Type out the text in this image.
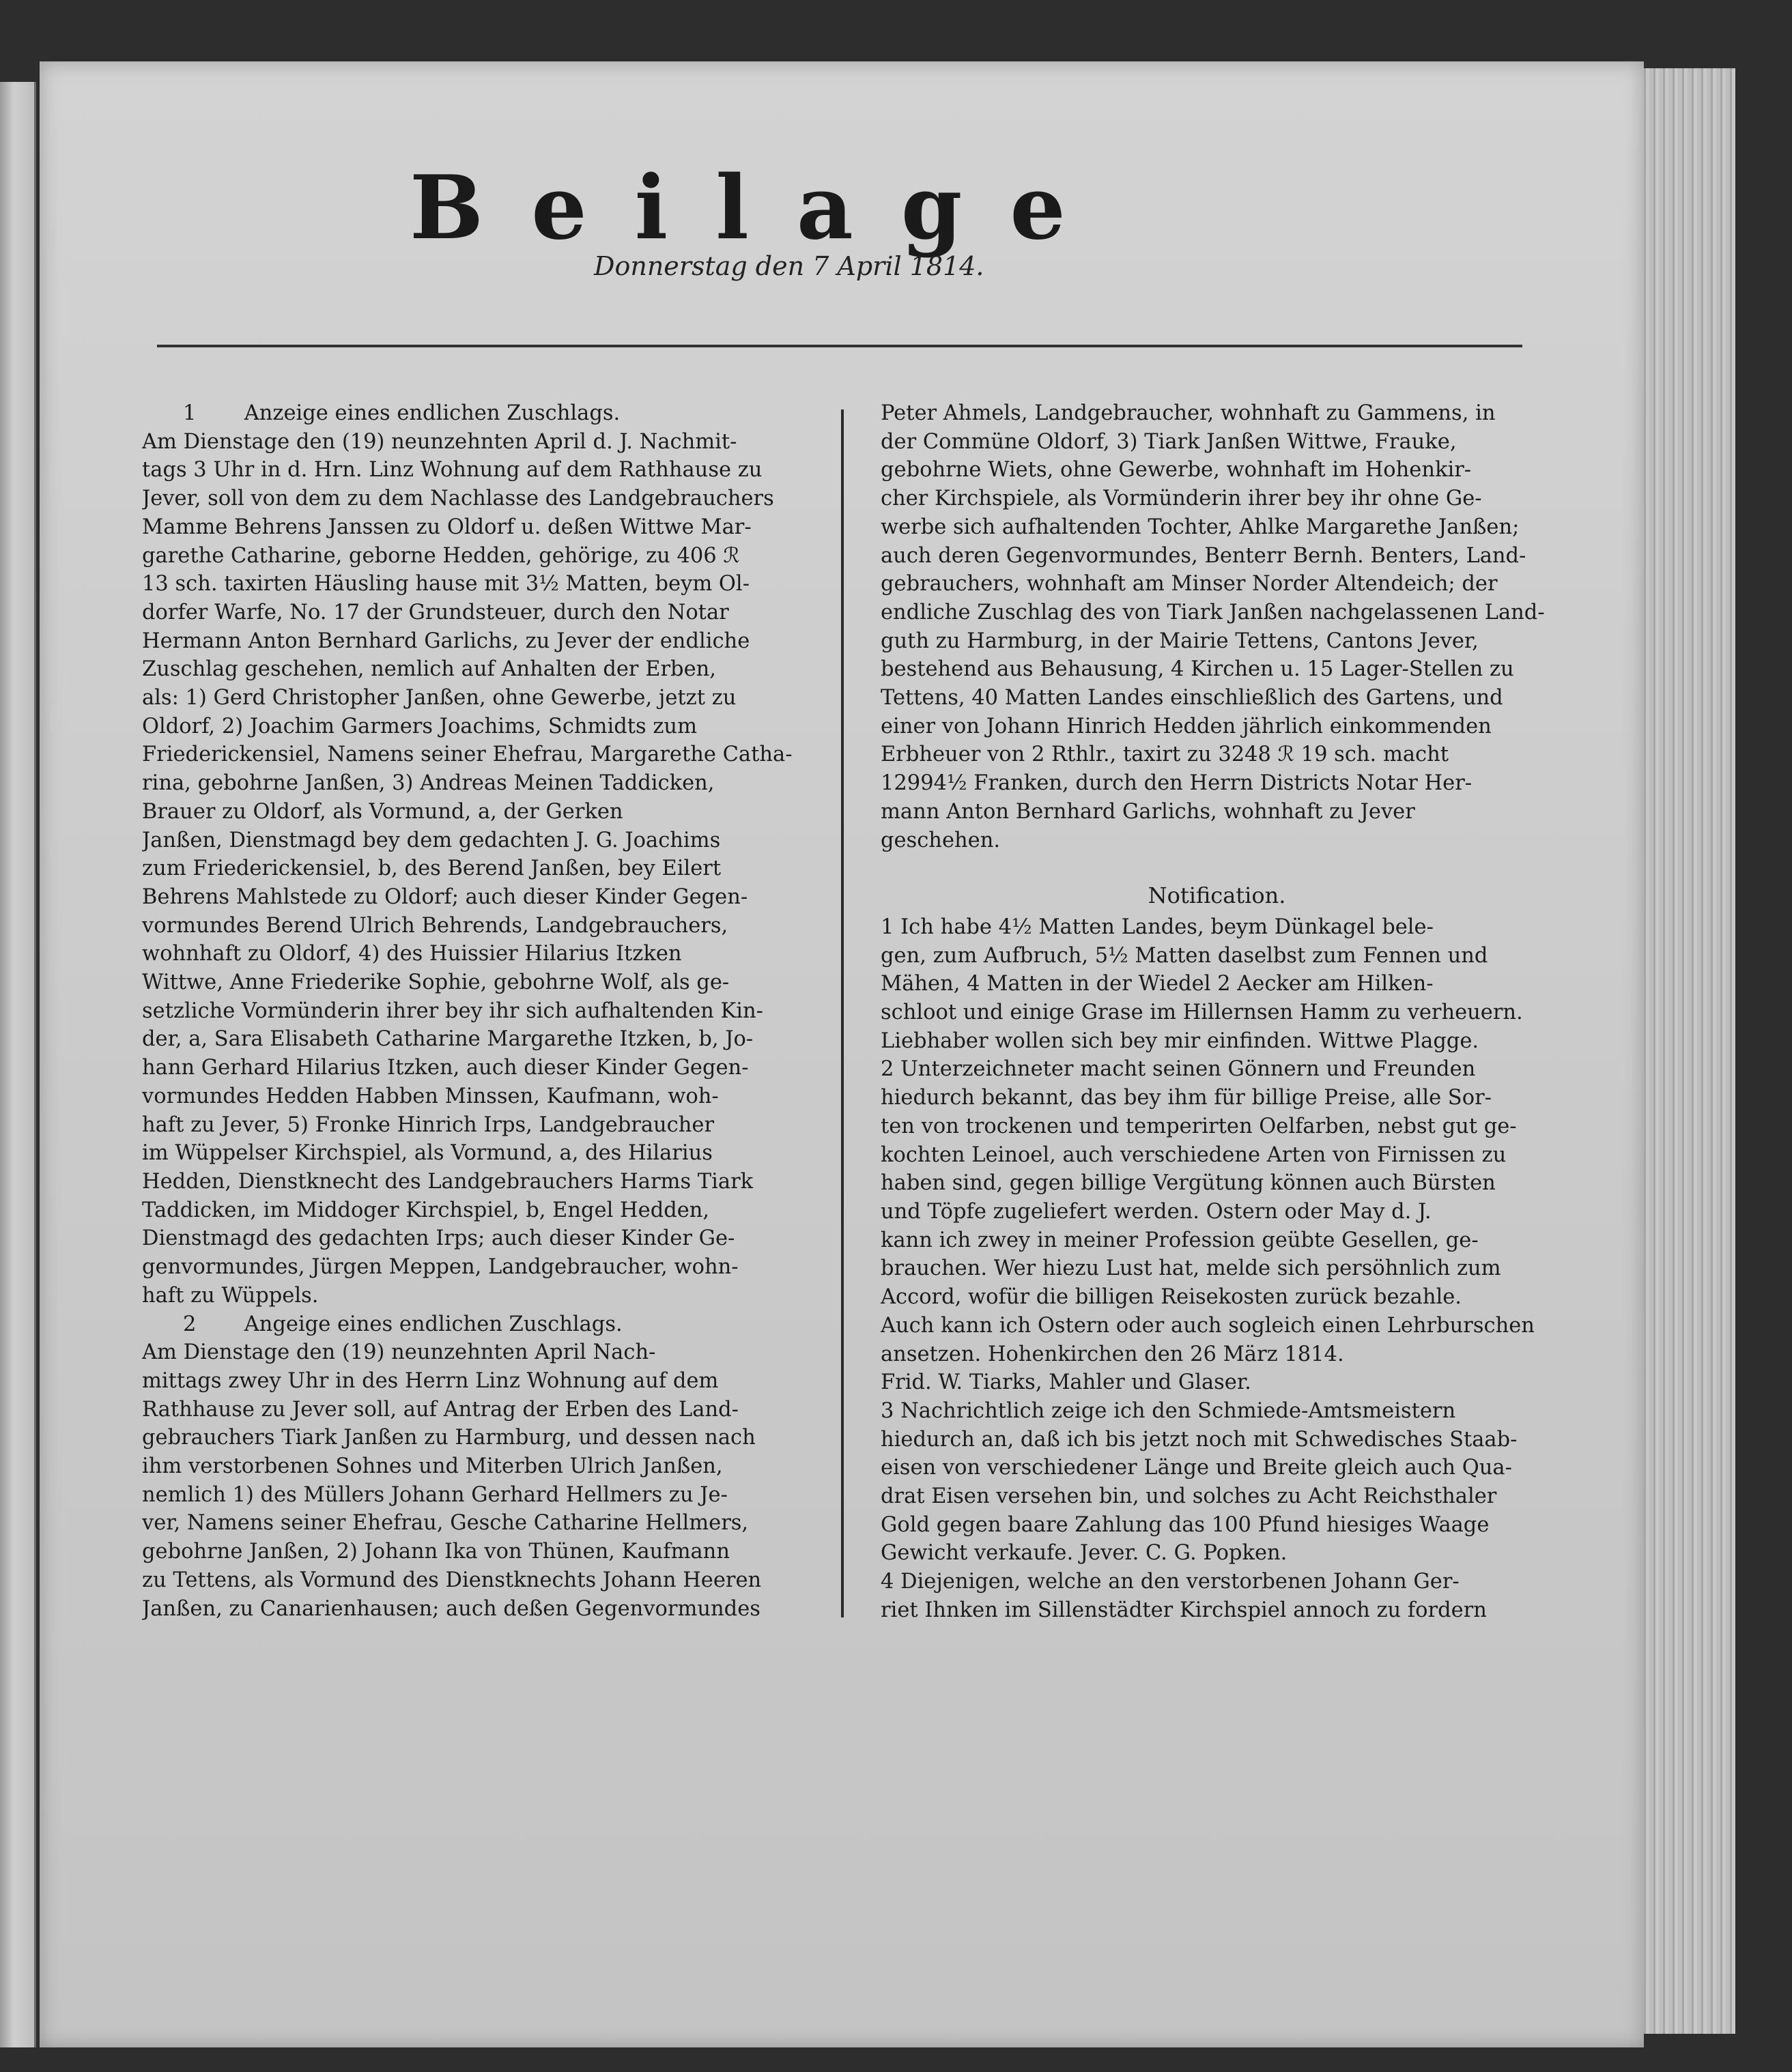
Beilage
Donnerstag den 7 April 1814.
1 Anzeige eines endlichen Zuschlags.
Am Dienstage den (19) neunzehnten April d. J. Nachmit-
tags 3 Uhr in d. Hrn. Linz Wohnung auf dem Rathhause zu
Jever, soll von dem zu dem Nachlasse des Landgebrauchers
Mamme Behrens Janssen zu Oldorf u. deßen Wittwe Mar-
garethe Catharine, geborne Hedden, gehörige, zu 406 ℛ
13 sch. taxirten Häusling hause mit 3½ Matten, beym Ol-
dorfer Warfe, No. 17 der Grundsteuer, durch den Notar
Hermann Anton Bernhard Garlichs, zu Jever der endliche
Zuschlag geschehen, nemlich auf Anhalten der Erben,
als: 1) Gerd Christopher Janßen, ohne Gewerbe, jetzt zu
Oldorf, 2) Joachim Garmers Joachims, Schmidts zum
Friederickensiel, Namens seiner Ehefrau, Margarethe Catha-
rina, gebohrne Janßen, 3) Andreas Meinen Taddicken,
Brauer zu Oldorf, als Vormund, a, der Gerken
Janßen, Dienstmagd bey dem gedachten J. G. Joachims
zum Friederickensiel, b, des Berend Janßen, bey Eilert
Behrens Mahlstede zu Oldorf; auch dieser Kinder Gegen-
vormundes Berend Ulrich Behrends, Landgebrauchers,
wohnhaft zu Oldorf, 4) des Huissier Hilarius Itzken
Wittwe, Anne Friederike Sophie, gebohrne Wolf, als ge-
setzliche Vormünderin ihrer bey ihr sich aufhaltenden Kin-
der, a, Sara Elisabeth Catharine Margarethe Itzken, b, Jo-
hann Gerhard Hilarius Itzken, auch dieser Kinder Gegen-
vormundes Hedden Habben Minssen, Kaufmann, woh-
haft zu Jever, 5) Fronke Hinrich Irps, Landgebraucher
im Wüppelser Kirchspiel, als Vormund, a, des Hilarius
Hedden, Dienstknecht des Landgebrauchers Harms Tiark
Taddicken, im Middoger Kirchspiel, b, Engel Hedden,
Dienstmagd des gedachten Irps; auch dieser Kinder Ge-
genvormundes, Jürgen Meppen, Landgebraucher, wohn-
haft zu Wüppels.
2 Angeige eines endlichen Zuschlags.
Am Dienstage den (19) neunzehnten April Nach-
mittags zwey Uhr in des Herrn Linz Wohnung auf dem
Rathhause zu Jever soll, auf Antrag der Erben des Land-
gebrauchers Tiark Janßen zu Harmburg, und dessen nach
ihm verstorbenen Sohnes und Miterben Ulrich Janßen,
nemlich 1) des Müllers Johann Gerhard Hellmers zu Je-
ver, Namens seiner Ehefrau, Gesche Catharine Hellmers,
gebohrne Janßen, 2) Johann Ika von Thünen, Kaufmann
zu Tettens, als Vormund des Dienstknechts Johann Heeren
Janßen, zu Canarienhausen; auch deßen Gegenvormundes
Peter Ahmels, Landgebraucher, wohnhaft zu Gammens, in
der Commüne Oldorf, 3) Tiark Janßen Wittwe, Frauke,
gebohrne Wiets, ohne Gewerbe, wohnhaft im Hohenkir-
cher Kirchspiele, als Vormünderin ihrer bey ihr ohne Ge-
werbe sich aufhaltenden Tochter, Ahlke Margarethe Janßen;
auch deren Gegenvormundes, Benterr Bernh. Benters, Land-
gebrauchers, wohnhaft am Minser Norder Altendeich; der
endliche Zuschlag des von Tiark Janßen nachgelassenen Land-
guth zu Harmburg, in der Mairie Tettens, Cantons Jever,
bestehend aus Behausung, 4 Kirchen u. 15 Lager-Stellen zu
Tettens, 40 Matten Landes einschließlich des Gartens, und
einer von Johann Hinrich Hedden jährlich einkommenden
Erbheuer von 2 Rthlr., taxirt zu 3248 ℛ 19 sch. macht
12994½ Franken, durch den Herrn Districts Notar Her-
mann Anton Bernhard Garlichs, wohnhaft zu Jever
geschehen.
Notification.
1 Ich habe 4½ Matten Landes, beym Dünkagel bele-
gen, zum Aufbruch, 5½ Matten daselbst zum Fennen und
Mähen, 4 Matten in der Wiedel 2 Aecker am Hilken-
schloot und einige Grase im Hillernsen Hamm zu verheuern.
Liebhaber wollen sich bey mir einfinden. Wittwe Plagge.
2 Unterzeichneter macht seinen Gönnern und Freunden
hiedurch bekannt, das bey ihm für billige Preise, alle Sor-
ten von trockenen und temperirten Oelfarben, nebst gut ge-
kochten Leinoel, auch verschiedene Arten von Firnissen zu
haben sind, gegen billige Vergütung können auch Bürsten
und Töpfe zugeliefert werden. Ostern oder May d. J.
kann ich zwey in meiner Profession geübte Gesellen, ge-
brauchen. Wer hiezu Lust hat, melde sich persöhnlich zum
Accord, wofür die billigen Reisekosten zurück bezahle.
Auch kann ich Ostern oder auch sogleich einen Lehrburschen
ansetzen. Hohenkirchen den 26 März 1814.
Frid. W. Tiarks, Mahler und Glaser.
3 Nachrichtlich zeige ich den Schmiede-Amtsmeistern
hiedurch an, daß ich bis jetzt noch mit Schwedisches Staab-
eisen von verschiedener Länge und Breite gleich auch Qua-
drat Eisen versehen bin, und solches zu Acht Reichsthaler
Gold gegen baare Zahlung das 100 Pfund hiesiges Waage
Gewicht verkaufe. Jever. C. G. Popken.
4 Diejenigen, welche an den verstorbenen Johann Ger-
riet Ihnken im Sillenstädter Kirchspiel annoch zu fordern
